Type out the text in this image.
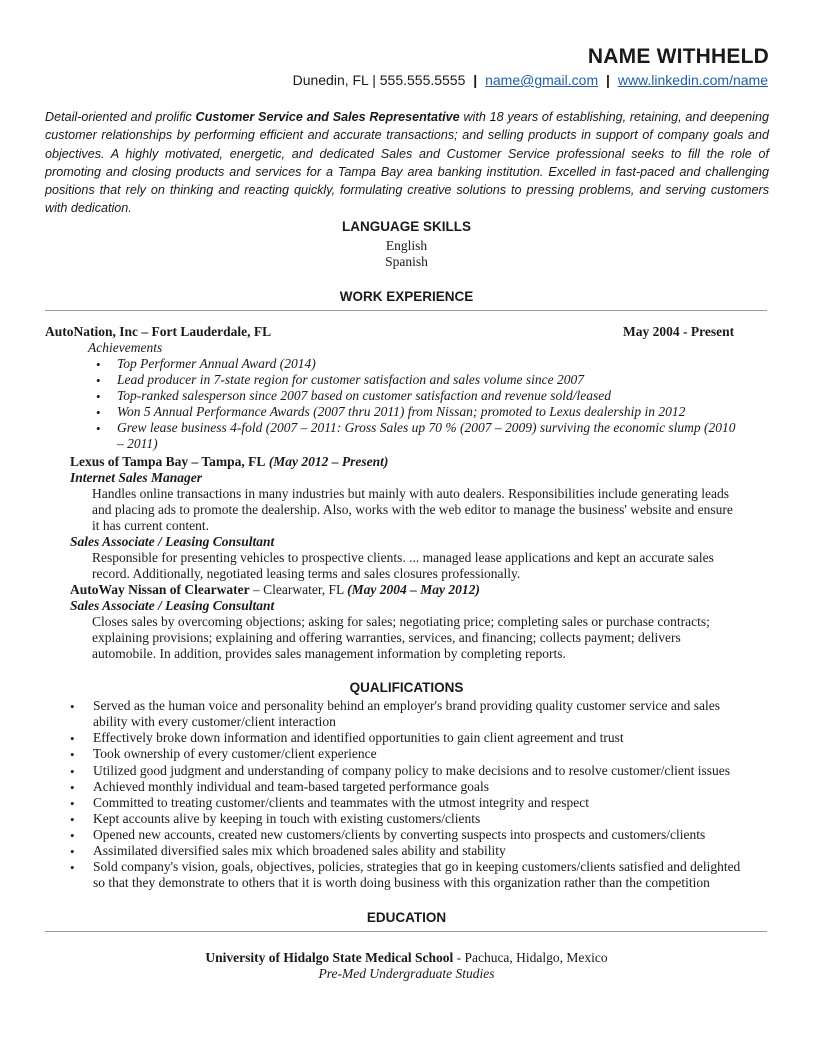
NAME WITHHELD
Dunedin, FL | 555.555.5555 | name@gmail.com | www.linkedin.com/name
Detail-oriented and prolific Customer Service and Sales Representative with 18 years of establishing, retaining, and deepening customer relationships by performing efficient and accurate transactions; and selling products in support of company goals and objectives. A highly motivated, energetic, and dedicated Sales and Customer Service professional seeks to fill the role of promoting and closing products and services for a Tampa Bay area banking institution. Excelled in fast-paced and challenging positions that rely on thinking and reacting quickly, formulating creative solutions to pressing problems, and serving customers with dedication.
LANGUAGE SKILLS
English
Spanish
WORK EXPERIENCE
AutoNation, Inc – Fort Lauderdale, FL	May 2004 - Present
Achievements
• Top Performer Annual Award (2014)
• Lead producer in 7-state region for customer satisfaction and sales volume since 2007
• Top-ranked salesperson since 2007 based on customer satisfaction and revenue sold/leased
• Won 5 Annual Performance Awards (2007 thru 2011) from Nissan; promoted to Lexus dealership in 2012
• Grew lease business 4-fold (2007 – 2011: Gross Sales up 70 % (2007 – 2009) surviving the economic slump (2010
– 2011)
Lexus of Tampa Bay – Tampa, FL (May 2012 – Present)
Internet Sales Manager
Handles online transactions in many industries but mainly with auto dealers. Responsibilities include generating leads
and placing ads to promote the dealership. Also, works with the web editor to manage the business' website and ensure
it has current content.
Sales Associate / Leasing Consultant
Responsible for presenting vehicles to prospective clients. ... managed lease applications and kept an accurate sales
record. Additionally, negotiated leasing terms and sales closures professionally.
AutoWay Nissan of Clearwater – Clearwater, FL (May 2004 – May 2012)
Sales Associate / Leasing Consultant
Closes sales by overcoming objections; asking for sales; negotiating price; completing sales or purchase contracts;
explaining provisions; explaining and offering warranties, services, and financing; collects payment; delivers
automobile. In addition, provides sales management information by completing reports.
QUALIFICATIONS
• Served as the human voice and personality behind an employer's brand providing quality customer service and sales
ability with every customer/client interaction
• Effectively broke down information and identified opportunities to gain client agreement and trust
• Took ownership of every customer/client experience
• Utilized good judgment and understanding of company policy to make decisions and to resolve customer/client issues
• Achieved monthly individual and team-based targeted performance goals
• Committed to treating customer/clients and teammates with the utmost integrity and respect
• Kept accounts alive by keeping in touch with existing customers/clients
• Opened new accounts, created new customers/clients by converting suspects into prospects and customers/clients
• Assimilated diversified sales mix which broadened sales ability and stability
• Sold company's vision, goals, objectives, policies, strategies that go in keeping customers/clients satisfied and delighted
so that they demonstrate to others that it is worth doing business with this organization rather than the competition
EDUCATION
University of Hidalgo State Medical School - Pachuca, Hidalgo, Mexico
Pre-Med Undergraduate Studies
